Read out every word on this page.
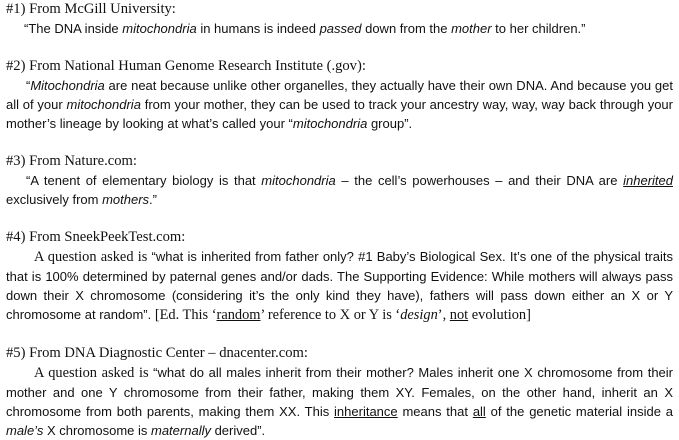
#1) From McGill University:
“The DNA inside mitochondria in humans is indeed passed down from the mother to her children.”
#2) From National Human Genome Research Institute (.gov):
“Mitochondria are neat because unlike other organelles, they actually have their own DNA. And because you get all of your mitochondria from your mother, they can be used to track your ancestry way, way, way back through your mother’s lineage by looking at what’s called your “mitochondria group”.
#3) From Nature.com:
“A tenent of elementary biology is that mitochondria – the cell’s powerhouses – and their DNA are inherited exclusively from mothers.”
#4) From SneekPeekTest.com:
A question asked is “what is inherited from father only? #1 Baby’s Biological Sex. It’s one of the physical traits that is 100% determined by paternal genes and/or dads. The Supporting Evidence: While mothers will always pass down their X chromosome (considering it’s the only kind they have), fathers will pass down either an X or Y chromosome at random”. [Ed. This ‘random’ reference to X or Y is ‘design’, not evolution]
#5) From DNA Diagnostic Center – dnacenter.com:
A question asked is “what do all males inherit from their mother? Males inherit one X chromosome from their mother and one Y chromosome from their father, making them XY. Females, on the other hand, inherit an X chromosome from both parents, making them XX. This inheritance means that all of the genetic material inside a male’s X chromosome is maternally derived”.
